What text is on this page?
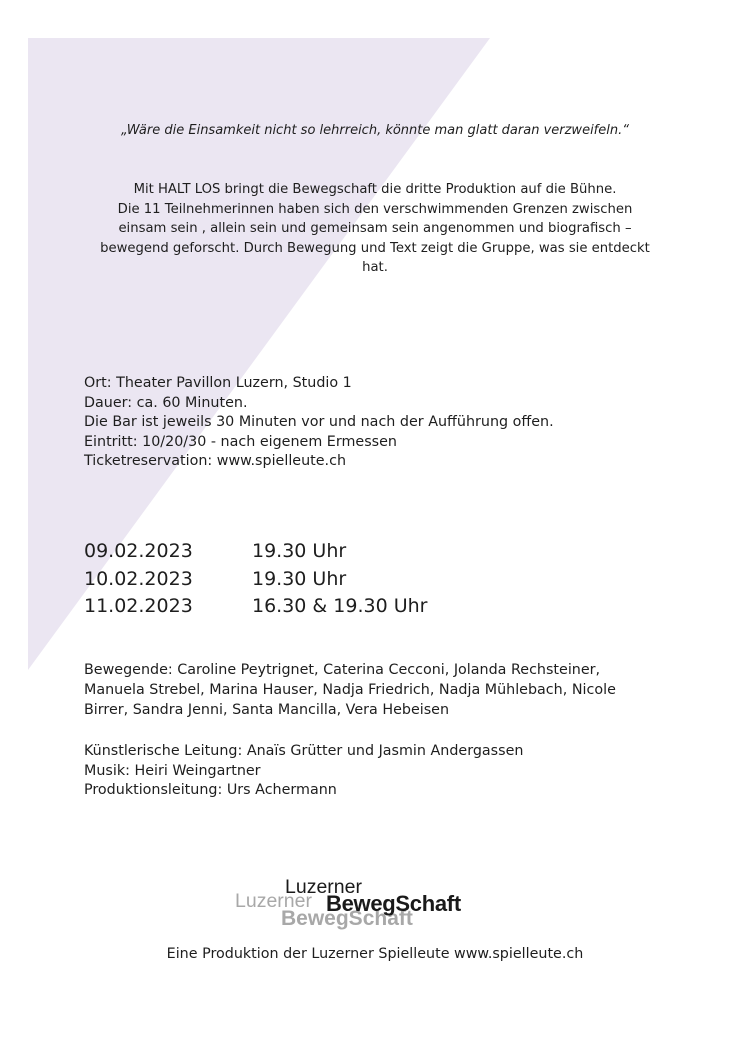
„Wäre die Einsamkeit nicht so lehrreich, könnte man glatt daran verzweifeln.“
Mit HALT LOS bringt die Bewegschaft die dritte Produktion auf die Bühne.
Die 11 Teilnehmerinnen haben sich den verschwimmenden Grenzen zwischen
einsam sein , allein sein und gemeinsam sein angenommen und biografisch –
bewegend geforscht. Durch Bewegung und Text zeigt die Gruppe, was sie entdeckt
hat.
Ort: Theater Pavillon Luzern, Studio 1
Dauer: ca. 60 Minuten.
Die Bar ist jeweils 30 Minuten vor und nach der Aufführung offen.
Eintritt: 10/20/30 - nach eigenem Ermessen
Ticketreservation: www.spielleute.ch
09.02.2023	19.30 Uhr
10.02.2023	19.30 Uhr
11.02.2023	16.30 & 19.30 Uhr
Bewegende: Caroline Peytrignet, Caterina Cecconi, Jolanda Rechsteiner,
Manuela Strebel, Marina Hauser, Nadja Friedrich, Nadja Mühlebach, Nicole
Birrer, Sandra Jenni, Santa Mancilla, Vera Hebeisen
Künstlerische Leitung: Anaïs Grütter und Jasmin Andergassen
Musik: Heiri Weingartner
Produktionsleitung: Urs Achermann
Luzerner
BewegSchaft
Luzerner
BewegSchaft
Eine Produktion der Luzerner Spielleute www.spielleute.ch
